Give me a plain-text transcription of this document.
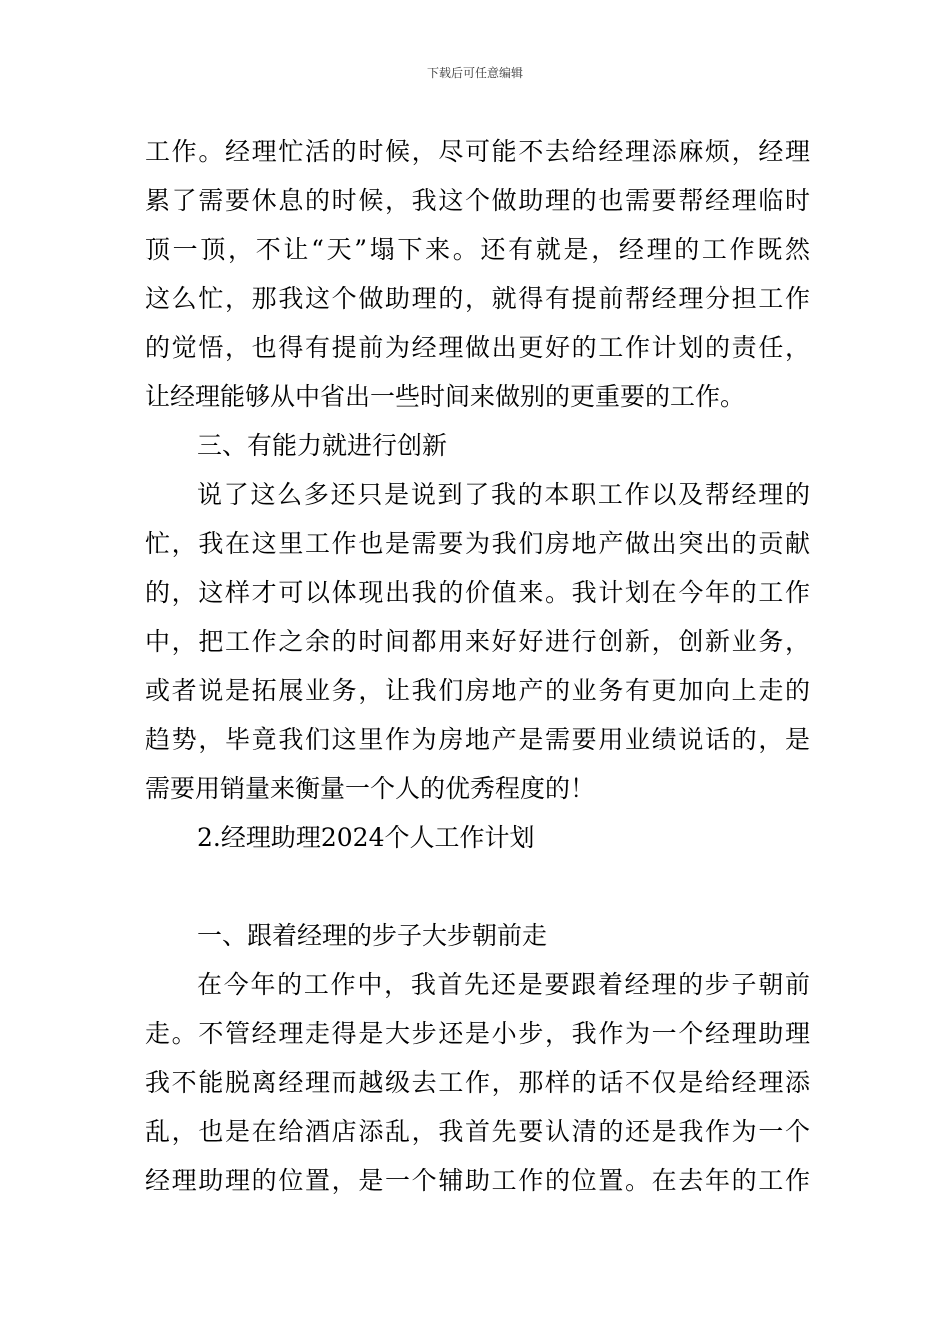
下载后可任意编辑
工作。经理忙活的时候，尽可能不去给经理添麻烦，经理
累了需要休息的时候，我这个做助理的也需要帮经理临时
顶一顶，不让“天”塌下来。还有就是，经理的工作既然
这么忙，那我这个做助理的，就得有提前帮经理分担工作
的觉悟，也得有提前为经理做出更好的工作计划的责任，
让经理能够从中省出一些时间来做别的更重要的工作。
三、有能力就进行创新
说了这么多还只是说到了我的本职工作以及帮经理的
忙，我在这里工作也是需要为我们房地产做出突出的贡献
的，这样才可以体现出我的价值来。我计划在今年的工作
中，把工作之余的时间都用来好好进行创新，创新业务，
或者说是拓展业务，让我们房地产的业务有更加向上走的
趋势，毕竟我们这里作为房地产是需要用业绩说话的，是
需要用销量来衡量一个人的优秀程度的！
2.经理助理2024个人工作计划
一、跟着经理的步子大步朝前走
在今年的工作中，我首先还是要跟着经理的步子朝前
走。不管经理走得是大步还是小步，我作为一个经理助理
我不能脱离经理而越级去工作，那样的话不仅是给经理添
乱，也是在给酒店添乱，我首先要认清的还是我作为一个
经理助理的位置，是一个辅助工作的位置。在去年的工作
